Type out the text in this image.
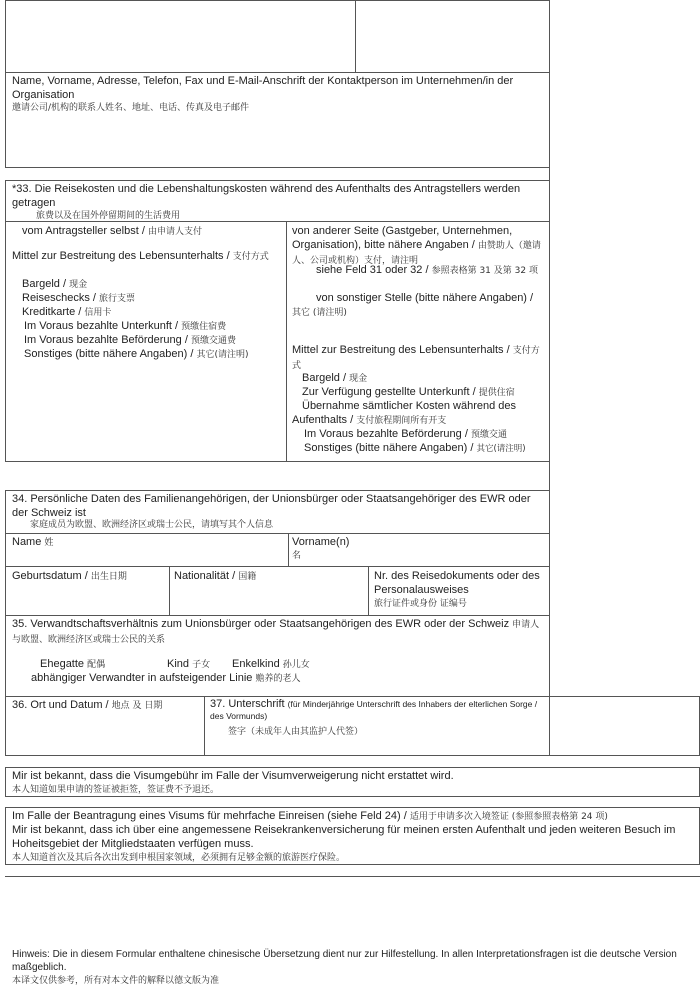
Name, Vorname, Adresse, Telefon, Fax und E-Mail-Anschrift der Kontaktperson im Unternehmen/in der Organisation
邀请公司/机构的联系人姓名、地址、电话、传真及电子邮件
*33. Die Reisekosten und die Lebenshaltungskosten während des Aufenthalts des Antragstellers werden getragen
旅费以及在国外停留期间的生活费用
vom Antragsteller selbst / 由申请人支付
Mittel zur Bestreitung des Lebensunterhalts / 支付方式
Bargeld / 现金
Reiseschecks / 旅行支票
Kreditkarte / 信用卡
Im Voraus bezahlte Unterkunft / 预缴住宿费
Im Voraus bezahlte Beförderung / 预缴交通费
Sonstiges (bitte nähere Angaben) / 其它(请注明)
von anderer Seite (Gastgeber, Unternehmen, Organisation), bitte nähere Angaben / 由赞助人（邀请人、公司或机构）支付，请注明
siehe Feld 31 oder 32 / 参照表格第 31 及第 32 项
von sonstiger Stelle (bitte nähere Angaben) / 其它 (请注明)
Mittel zur Bestreitung des Lebensunterhalts / 支付方式
Bargeld / 现金
Zur Verfügung gestellte Unterkunft / 提供住宿
Übernahme sämtlicher Kosten während des Aufenthalts / 支付旅程期间所有开支
Im Voraus bezahlte Beförderung / 预缴交通
Sonstiges (bitte nähere Angaben) / 其它(请注明)
34. Persönliche Daten des Familienangehörigen, der Unionsbürger oder Staatsangehöriger des EWR oder der Schweiz ist
家庭成员为欧盟、欧洲经济区或瑞士公民，请填写其个人信息
Name 姓	Vorname(n)
名
Geburtsdatum / 出生日期	Nationalität / 国籍	Nr. des Reisedokuments oder des Personalausweises
旅行证件或身份 证编号
35. Verwandtschaftsverhältnis zum Unionsbürger oder Staatsangehörigen des EWR oder der Schweiz 申请人与欧盟、欧洲经济区或瑞士公民的关系
Ehegatte 配偶	Kind 子女 Enkelkind 孙儿女
abhängiger Verwandter in aufsteigender Linie 赡养的老人
36. Ort und Datum / 地点 及 日期	37. Unterschrift (für Minderjährige Unterschrift des Inhabers der elterlichen Sorge / des Vormunds)
签字（未成年人由其监护人代签）
Mir ist bekannt, dass die Visumgebühr im Falle der Visumverweigerung nicht erstattet wird.
本人知道如果申请的签证被拒签，签证费不予退还。
Im Falle der Beantragung eines Visums für mehrfache Einreisen (siehe Feld 24) / 适用于申请多次入境签证 (参照参照表格第 24 项)
Mir ist bekannt, dass ich über eine angemessene Reisekrankenversicherung für meinen ersten Aufenthalt und jeden weiteren Besuch im Hoheitsgebiet der Mitgliedstaaten verfügen muss.
本人知道首次及其后各次出发到申根国家领域，必须拥有足够金额的旅游医疗保险。
Hinweis: Die in diesem Formular enthaltene chinesische Übersetzung dient nur zur Hilfestellung. In allen Interpretationsfragen ist die deutsche Version maßgeblich.
本译文仅供参考，所有对本文件的解释以德文版为准
